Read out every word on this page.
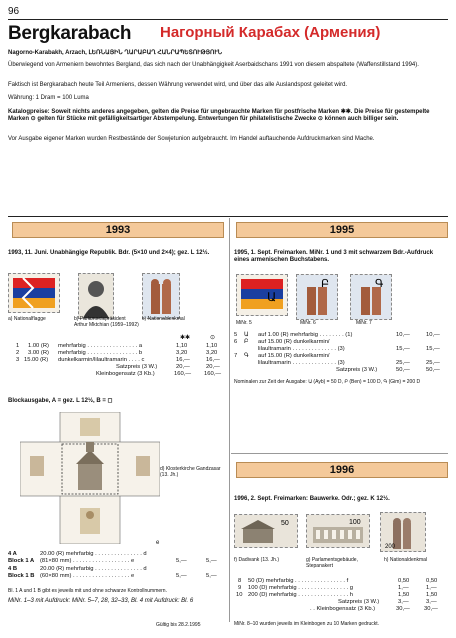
96
Bergkarabach Нагорный Карабах (Армения)
Nagorno-Karabakh, Arzach, ԼԵՌՆԱՅԻՆ ՂԱՐԱԲԱՂ ՀԱՆՐԱՊԵՏՈՒԹՅՈՒՆ
Überwiegend von Armeniern bewohntes Bergland, das sich nach der Unabhängigkeit Aserbaidschans 1991 von diesem abspaltete (Waffenstillstand 1994).
Faktisch ist Bergkarabach heute Teil Armeniens, dessen Währung verwendet wird, und über das alle Auslandspost geleitet wird.
Währung: 1 Dram = 100 Luma
Katalogpreise: Soweit nichts anderes angegeben, gelten die Preise für ungebrauchte Marken für postfrische Marken ✱✱. Die Preise für gestempelte Marken ⊙ gelten für Stücke mit gefälligkeitsartiger Abstempelung. Entwertungen für philatelistische Zwecke ⊙ können auch billiger sein.
Vor Ausgabe eigener Marken wurden Restbestände der Sowjetunion aufgebraucht. Im Handel auftauchende Aufdruckmarken sind Mache.
1993
1993, 11. Juni. Unabhängige Republik. Bdr. (5×10 und 2×4); gez. L 12½.
a) Nationalflagge	b) Parlamentspräsident Arthur Mktchian (1959–1992)
c) Nationaldenkmal
✱✱	⊙
1 1.00 (R) mehrfarbig . . . . . . . . . . . . . . . . a	1,10	1,10
2 3.00 (R) mehrfarbig . . . . . . . . . . . . . . . . b	3,20	3,20
3 15.00 (R) dunkelkarmin/lilaultramarin . . . . c	16,—	16,—
Satzpreis (3 W.)	20,—	20,—
Kleinbogensatz (3 Kb.)	160,— 160,—
Blockausgabe, A = gez. L 12½, B = ◻
d) Klosterkirche Gandzasar (13. Jh.)
e
4 A	20.00 (R) mehrfarbig . . . . . . . . . . . . . . . d
Block 1 A (81×80 mm) . . . . . . . . . . . . . . . . . . e	5,—	5,—
4 B	20.00 (R) mehrfarbig . . . . . . . . . . . . . . . d
Block 1 B (60×80 mm) . . . . . . . . . . . . . . . . . . e	5,—	5,—
Bl. 1 A und 1 B gibt es jeweils mit und ohne schwarze Kontrollnummern.
MiNr. 1–3 mit Aufdruck: MiNr. 5–7, 28, 32–33, Bl. 4 mit Aufdruck: Bl. 6
Gültig bis 28.2.1995
1995
1995, 1. Sept. Freimarken. MiNr. 1 und 3 mit schwarzem Bdr.-Aufdruck eines armenischen Buchstabens.
Ա
Բ	Գ
MiNr. 5	MiNr. 6	MiNr. 7
5 Ա auf 1.00 (R) mehrfarbig . . . . . . . . (1)	10,—	10,—
6 Բ auf 15.00 (R) dunkelkarmin/
lilaultramarin . . . . . . . . . . . . . . (3)	15,—	15,—
7 Գ auf 15.00 (R) dunkelkarmin/
lilaultramarin . . . . . . . . . . . . . . (3)	25,—	25,—
Satzpreis (3 W.)	50,—	50,—
Nominalen zur Zeit der Ausgabe: Ա (Ayb) = 50 D, Բ (Ben) = 100 D, Գ (Gim) = 200 D
1996
1996, 2. Sept. Freimarken: Bauwerke. Odr.; gez. K 12½.
50	100
200
f) Dadivank (13. Jh.)	g) Parlamentsgebäude, Stepanakert
h) Nationaldenkmal
8 50 (D) mehrfarbig . . . . . . . . . . . . . . . . f	0,50	0,50
9 100 (D) mehrfarbig . . . . . . . . . . . . . . . . g	1,—	1,—
10 200 (D) mehrfarbig . . . . . . . . . . . . . . . . h	1,50	1,50
Satzpreis (3 W.)	3,—	3,—
. . Kleinbogensatz (3 Kb.)	30,— 30,—
MiNr. 8–10 wurden jeweils im Kleinbogen zu 10 Marken gedruckt.
